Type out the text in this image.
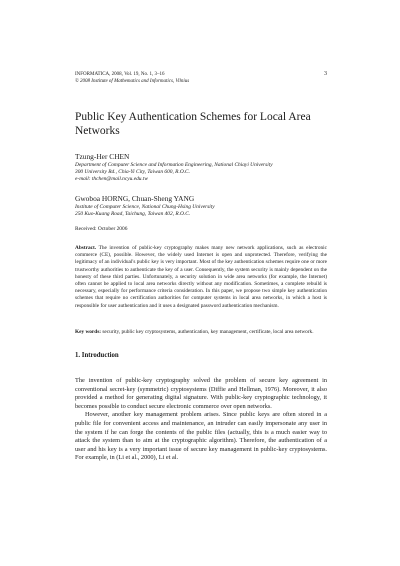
INFORMATICA, 2008, Vol. 19, No. 1, 3–16
© 2008 Institute of Mathematics and Informatics, Vilnius
3
Public Key Authentication Schemes for Local Area Networks
Tzung-Her CHEN
Department of Computer Science and Information Engineering, National Chiayi University
300 University Rd., Chia-Yi City, Taiwan 600, R.O.C.
e-mail: thchen@mail.ncyu.edu.tw
Gwoboa HORNG, Chuan-Sheng YANG
Institute of Computer Science, National Chung-Hsing University
250 Kuo-Kuang Road, Taichung, Taiwan 402, R.O.C.
Received: October 2006
Abstract. The invention of public-key cryptography makes many new network applications, such as electronic commerce (CE), possible. However, the widely used Internet is open and unprotected. Therefore, verifying the legitimacy of an individual's public key is very important. Most of the key authentication schemes require one or more trustworthy authorities to authenticate the key of a user. Consequently, the system security is mainly dependent on the honesty of these third parties. Unfortunately, a security solution in wide area networks (for example, the Internet) often cannot be applied to local area networks directly without any modification. Sometimes, a complete rebuild is necessary, especially for performance criteria consideration. In this paper, we propose two simple key authentication schemes that require no certification authorities for computer systems in local area networks, in which a host is responsible for user authentication and it uses a designated password authentication mechanism.
Key words: security, public key cryptosystems, authentication, key management, certificate, local area network.
1. Introduction

The invention of public-key cryptography solved the problem of secure key agreement in conventional secret-key (symmetric) cryptosystems (Diffie and Hellman, 1976). Moreover, it also provided a method for generating digital signature. With public-key cryptographic technology, it becomes possible to conduct secure electronic commerce over open networks.

However, another key management problem arises. Since public keys are often stored in a public file for convenient access and maintenance, an intruder can easily impersonate any user in the system if he can forge the contents of the public files (actually, this is a much easier way to attack the system than to aim at the cryptographic algorithm). Therefore, the authentication of a user and his key is a very important issue of secure key management in public-key cryptosystems. For example, in (Li et al., 2000), Li et al.
